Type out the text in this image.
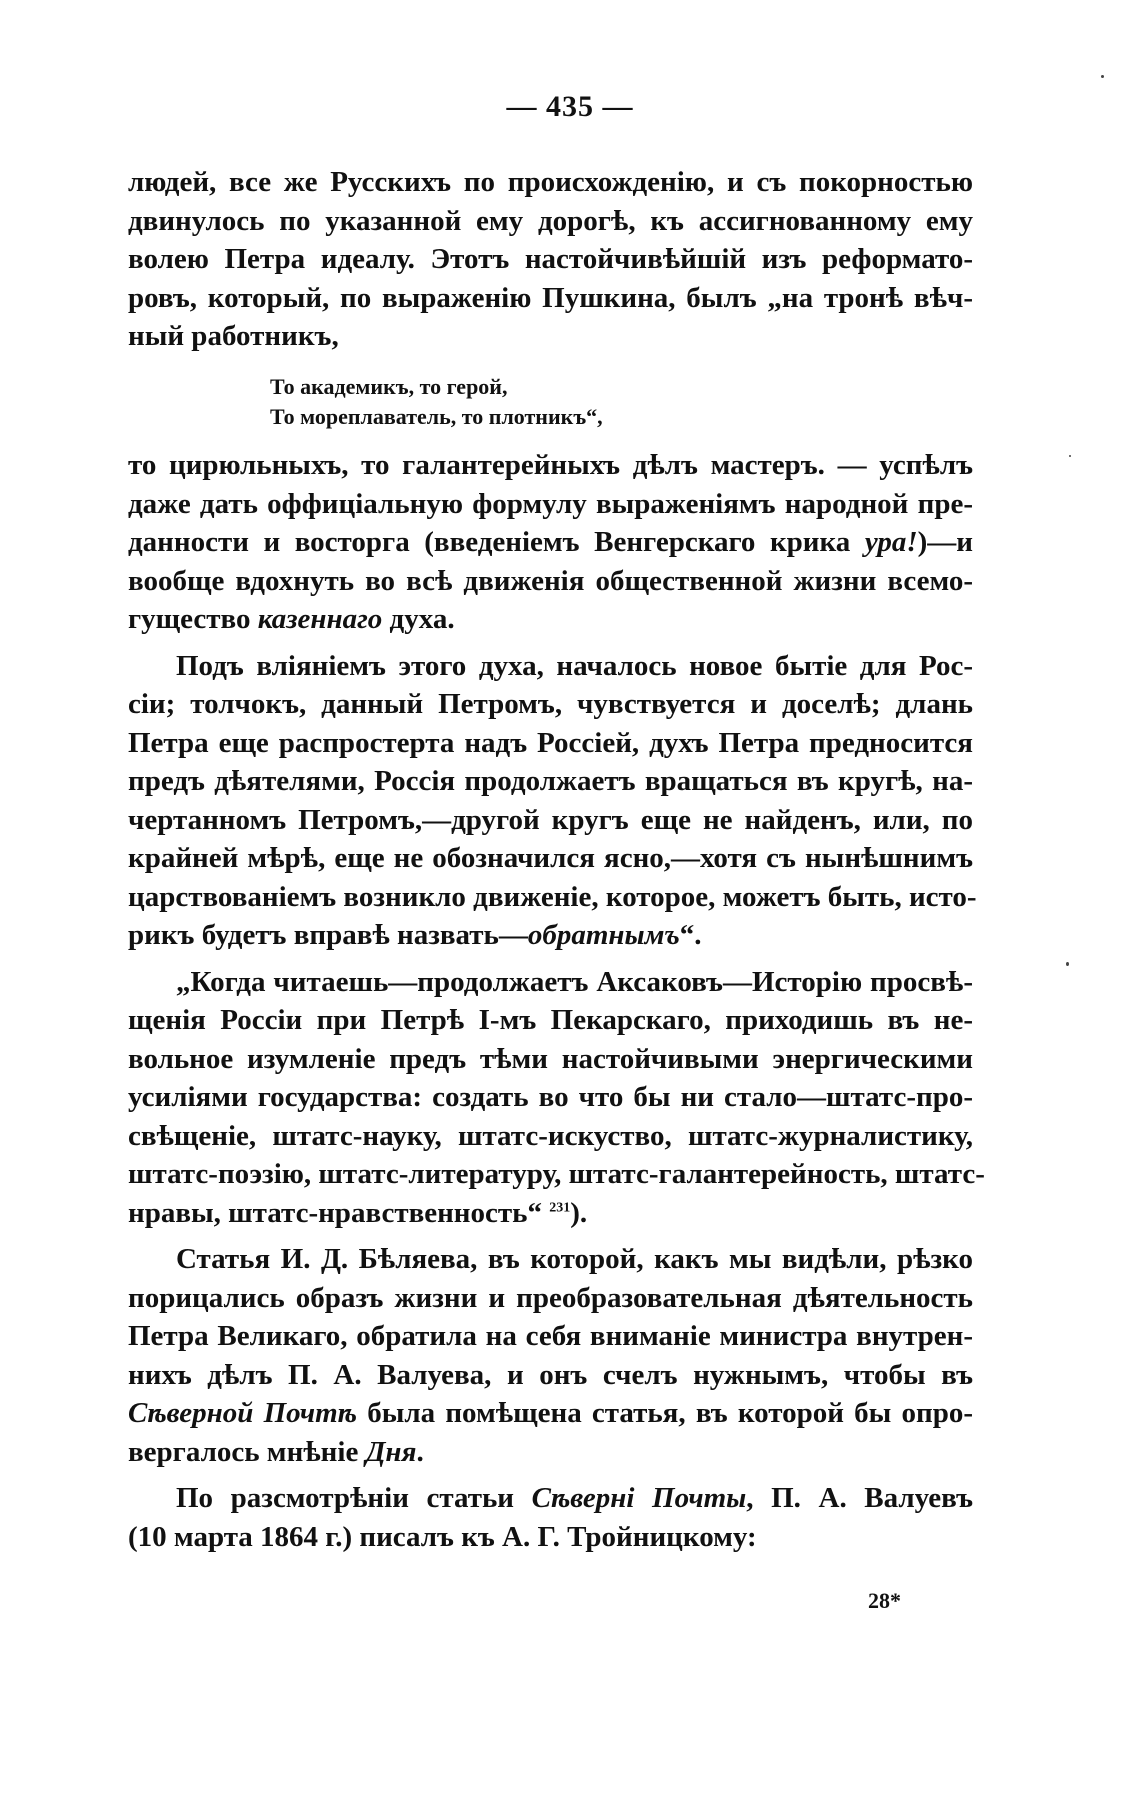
— 435 —
людей, все же Русскихъ по происхожденію, и съ покорностью
двинулось по указанной ему дорогѣ, къ ассигнованному ему
волею Петра идеалу. Этотъ настойчивѣйшій изъ реформато-
ровъ, который, по выраженію Пушкина, былъ „на тронѣ вѣч-
ный работникъ,
То академикъ, то герой,
То мореплаватель, то плотникъ“,
то цирюльныхъ, то галантерейныхъ дѣлъ мастеръ. — успѣлъ
даже дать оффиціальную формулу выраженіямъ народной пре-
данности и восторга (введеніемъ Венгерскаго крика ура!)—и
вообще вдохнуть во всѣ движенія общественной жизни всемо-
гущество казеннаго духа.
Подъ вліяніемъ этого духа, началось новое бытіе для Рос-
сіи; толчокъ, данный Петромъ, чувствуется и доселѣ; длань
Петра еще распростерта надъ Россіей, духъ Петра предносится
предъ дѣятелями, Россія продолжаетъ вращаться въ кругѣ, на-
чертанномъ Петромъ,—другой кругъ еще не найденъ, или, по
крайней мѣрѣ, еще не обозначился ясно,—хотя съ нынѣшнимъ
царствованіемъ возникло движеніе, которое, можетъ быть, исто-
рикъ будетъ вправѣ назвать—обратнымъ“.
„Когда читаешь—продолжаетъ Аксаковъ—Исторію просвѣ-
щенія Россіи при Петрѣ І-мъ Пекарскаго, приходишь въ не-
вольное изумленіе предъ тѣми настойчивыми энергическими
усиліями государства: создать во что бы ни стало—штатс-про-
свѣщеніе, штатс-науку, штатс-искуство, штатс-журналистику,
штатс-поэзію, штатс-литературу, штатс-галантерейность, штатс-
нравы, штатс-нравственность“ $^{231}$).
Статья И. Д. Бѣляева, въ которой, какъ мы видѣли, рѣзко
порицались образъ жизни и преобразовательная дѣятельность
Петра Великаго, обратила на себя вниманіе министра внутрен-
нихъ дѣлъ П. А. Валуева, и онъ счелъ нужнымъ, чтобы въ
Сѣверной Почтѣ была помѣщена статья, въ которой бы опро-
вергалось мнѣніе Дня.
По разсмотрѣніи статьи Сѣверні Почты, П. А. Валуевъ
(10 марта 1864 г.) писалъ къ А. Г. Тройницкому:
28*
